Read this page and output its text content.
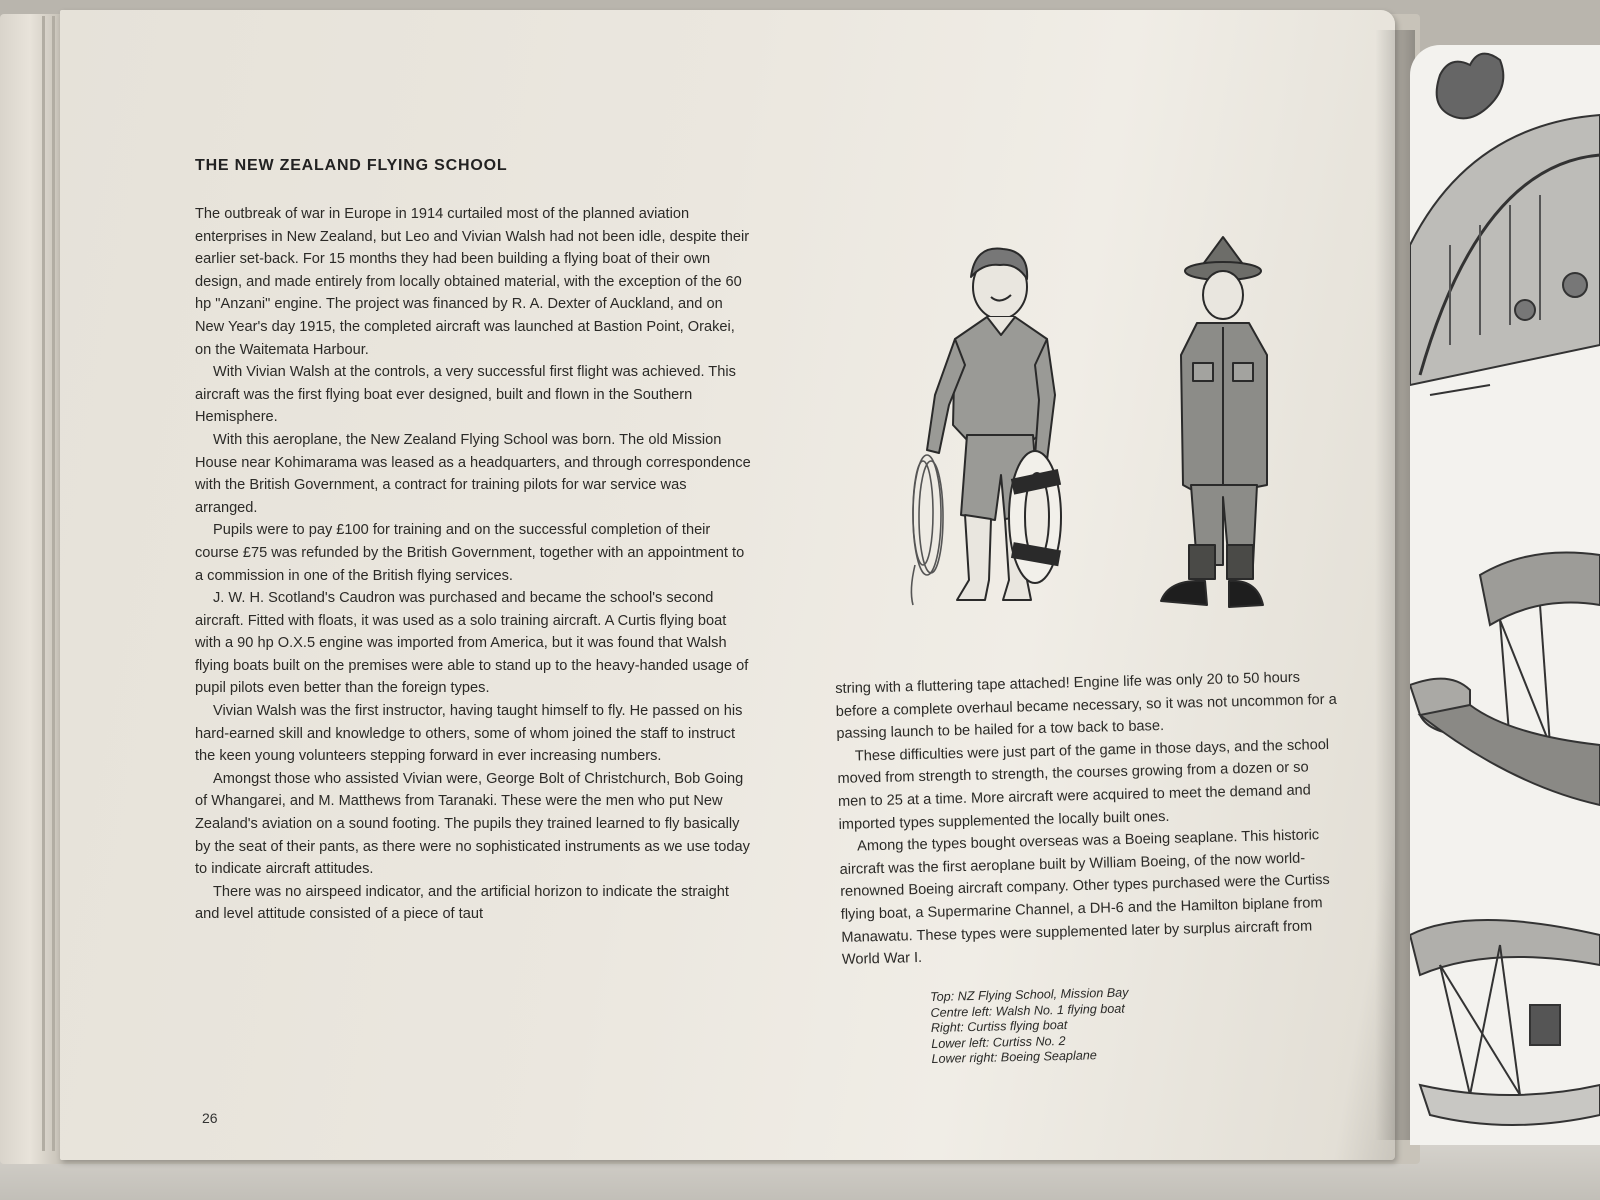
THE NEW ZEALAND FLYING SCHOOL

The outbreak of war in Europe in 1914 curtailed most of the planned aviation enterprises in New Zealand, but Leo and Vivian Walsh had not been idle, despite their earlier set-back. For 15 months they had been building a flying boat of their own design, and made entirely from locally obtained material, with the exception of the 60 hp "Anzani" engine. The project was financed by R. A. Dexter of Auckland, and on New Year's day 1915, the completed aircraft was launched at Bastion Point, Orakei, on the Waitemata Harbour.

With Vivian Walsh at the controls, a very successful first flight was achieved. This aircraft was the first flying boat ever designed, built and flown in the Southern Hemisphere.

With this aeroplane, the New Zealand Flying School was born. The old Mission House near Kohimarama was leased as a headquarters, and through correspondence with the British Government, a contract for training pilots for war service was arranged.

Pupils were to pay £100 for training and on the successful completion of their course £75 was refunded by the British Government, together with an appointment to a commission in one of the British flying services.

J. W. H. Scotland's Caudron was purchased and became the school's second aircraft. Fitted with floats, it was used as a solo training aircraft. A Curtis flying boat with a 90 hp O.X.5 engine was imported from America, but it was found that Walsh flying boats built on the premises were able to stand up to the heavy-handed usage of pupil pilots even better than the foreign types.

Vivian Walsh was the first instructor, having taught himself to fly. He passed on his hard-earned skill and knowledge to others, some of whom joined the staff to instruct the keen young volunteers stepping forward in ever increasing numbers.

Amongst those who assisted Vivian were, George Bolt of Christchurch, Bob Going of Whangarei, and M. Matthews from Taranaki. These were the men who put New Zealand's aviation on a sound footing. The pupils they trained learned to fly basically by the seat of their pants, as there were no sophisticated instruments as we use today to indicate aircraft attitudes.

There was no airspeed indicator, and the artificial horizon to indicate the straight and level attitude consisted of a piece of taut

string with a fluttering tape attached! Engine life was only 20 to 50 hours before a complete overhaul became necessary, so it was not uncommon for a passing launch to be hailed for a tow back to base.

These difficulties were just part of the game in those days, and the school moved from strength to strength, the courses growing from a dozen or so men to 25 at a time. More aircraft were acquired to meet the demand and imported types supplemented the locally built ones.

Among the types bought overseas was a Boeing seaplane. This historic aircraft was the first aeroplane built by William Boeing, of the now world-renowned Boeing aircraft company. Other types purchased were the Curtiss flying boat, a Supermarine Channel, a DH-6 and the Hamilton biplane from Manawatu. These types were supplemented later by surplus aircraft from World War I.

Top: NZ Flying School, Mission Bay
Centre left: Walsh No. 1 flying boat
Right: Curtiss flying boat
Lower left: Curtiss No. 2
Lower right: Boeing Seaplane
26
